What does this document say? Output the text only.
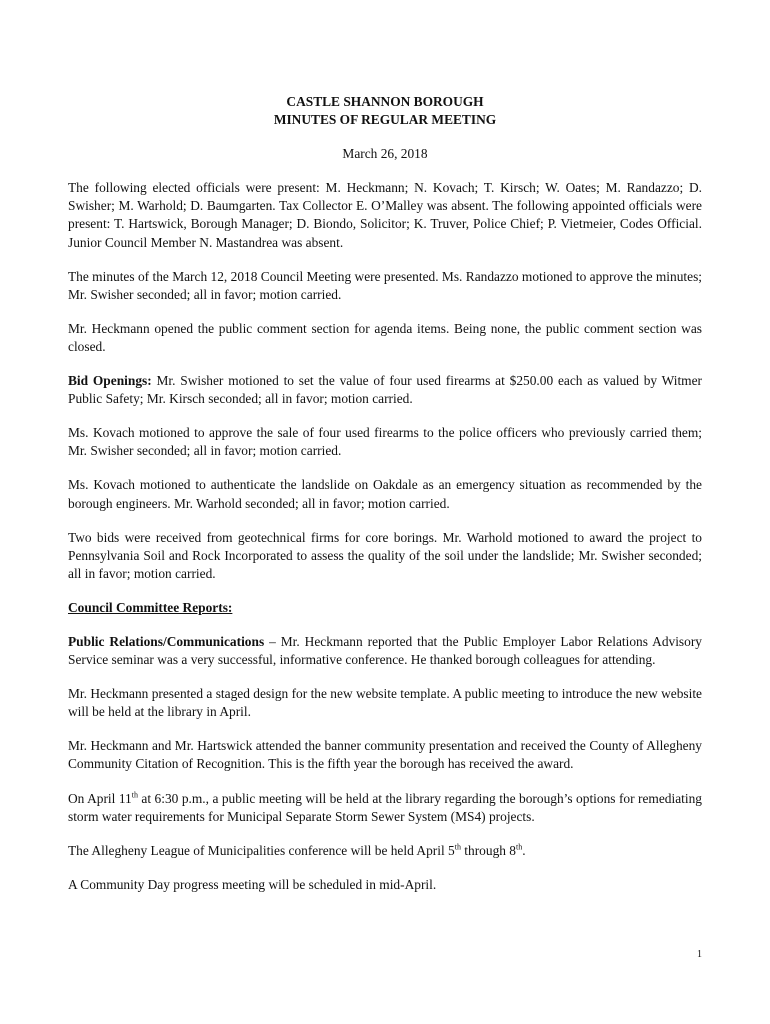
CASTLE SHANNON BOROUGH

MINUTES OF REGULAR MEETING

March 26, 2018

The following elected officials were present: M. Heckmann; N. Kovach; T. Kirsch; W. Oates; M. Randazzo; D. Swisher; M. Warhold; D. Baumgarten. Tax Collector E. O’Malley was absent. The following appointed officials were present: T. Hartswick, Borough Manager; D. Biondo, Solicitor; K. Truver, Police Chief; P. Vietmeier, Codes Official. Junior Council Member N. Mastandrea was absent.

The minutes of the March 12, 2018 Council Meeting were presented. Ms. Randazzo motioned to approve the minutes; Mr. Swisher seconded; all in favor; motion carried.

Mr. Heckmann opened the public comment section for agenda items. Being none, the public comment section was closed.

Bid Openings: Mr. Swisher motioned to set the value of four used firearms at $250.00 each as valued by Witmer Public Safety; Mr. Kirsch seconded; all in favor; motion carried.

Ms. Kovach motioned to approve the sale of four used firearms to the police officers who previously carried them; Mr. Swisher seconded; all in favor; motion carried.

Ms. Kovach motioned to authenticate the landslide on Oakdale as an emergency situation as recommended by the borough engineers. Mr. Warhold seconded; all in favor; motion carried.

Two bids were received from geotechnical firms for core borings. Mr. Warhold motioned to award the project to Pennsylvania Soil and Rock Incorporated to assess the quality of the soil under the landslide; Mr. Swisher seconded; all in favor; motion carried.

Council Committee Reports:

Public Relations/Communications – Mr. Heckmann reported that the Public Employer Labor Relations Advisory Service seminar was a very successful, informative conference. He thanked borough colleagues for attending.

Mr. Heckmann presented a staged design for the new website template. A public meeting to introduce the new website will be held at the library in April.

Mr. Heckmann and Mr. Hartswick attended the banner community presentation and received the County of Allegheny Community Citation of Recognition. This is the fifth year the borough has received the award.

On April 11th at 6:30 p.m., a public meeting will be held at the library regarding the borough’s options for remediating storm water requirements for Municipal Separate Storm Sewer System (MS4) projects.

The Allegheny League of Municipalities conference will be held April 5th through 8th.

A Community Day progress meeting will be scheduled in mid-April.

1
